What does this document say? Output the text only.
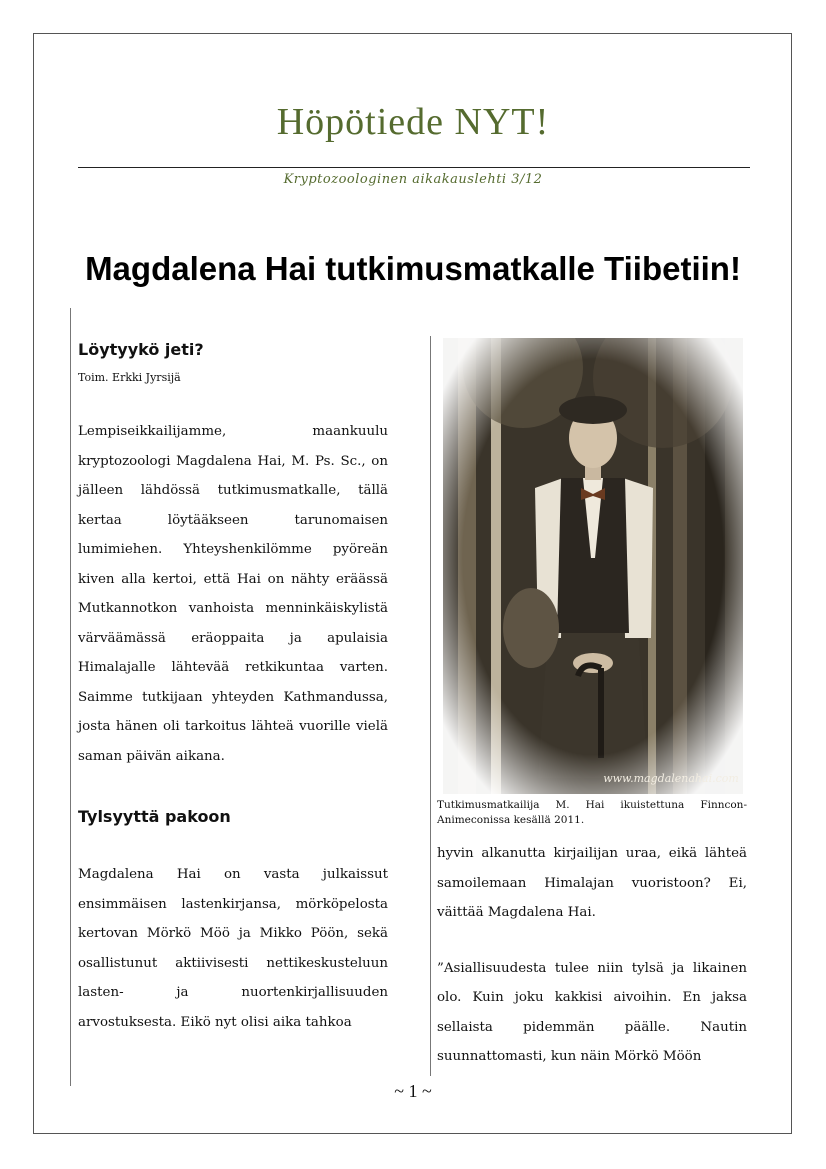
Höpötiede NYT!
Kryptozoologinen aikakauslehti 3/12
Magdalena Hai tutkimusmatkalle Tiibetiin!
Löytyykö jeti?
Toim. Erkki Jyrsijä

Lempiseikkailijamme, maankuulu kryptozoologi Magdalena Hai, M. Ps. Sc., on jälleen lähdössä tutkimusmatkalle, tällä kertaa löytääkseen tarunomaisen lumimiehen. Yhteyshenkilömme pyöreän kiven alla kertoi, että Hai on nähty eräässä Mutkannotkon vanhoista menninkäiskylistä värväämässä eräoppaita ja apulaisia Himalajalle lähtevää retkikuntaa varten. Saimme tutkijaan yhteyden Kathmandussa, josta hänen oli tarkoitus lähteä vuorille vielä saman päivän aikana.

Tylsyyttä pakoon

Magdalena Hai on vasta julkaissut ensimmäisen lastenkirjansa, mörköpelosta kertovan Mörkö Möö ja Mikko Pöön, sekä osallistunut aktiivisesti nettikeskusteluun lasten- ja nuortenkirjallisuuden arvostuksesta. Eikö nyt olisi aika tahkoa

www.magdalenahai.com
Tutkimusmatkailija M. Hai ikuistettuna Finncon-Animeconissa kesällä 2011.

hyvin alkanutta kirjailijan uraa, eikä lähteä samoilemaan Himalajan vuoristoon? Ei, väittää Magdalena Hai.

”Asiallisuudesta tulee niin tylsä ja likainen olo. Kuin joku kakkisi aivoihin. En jaksa sellaista pidemmän päälle. Nautin suunnattomasti, kun näin Mörkö Möön

~ 1 ~
